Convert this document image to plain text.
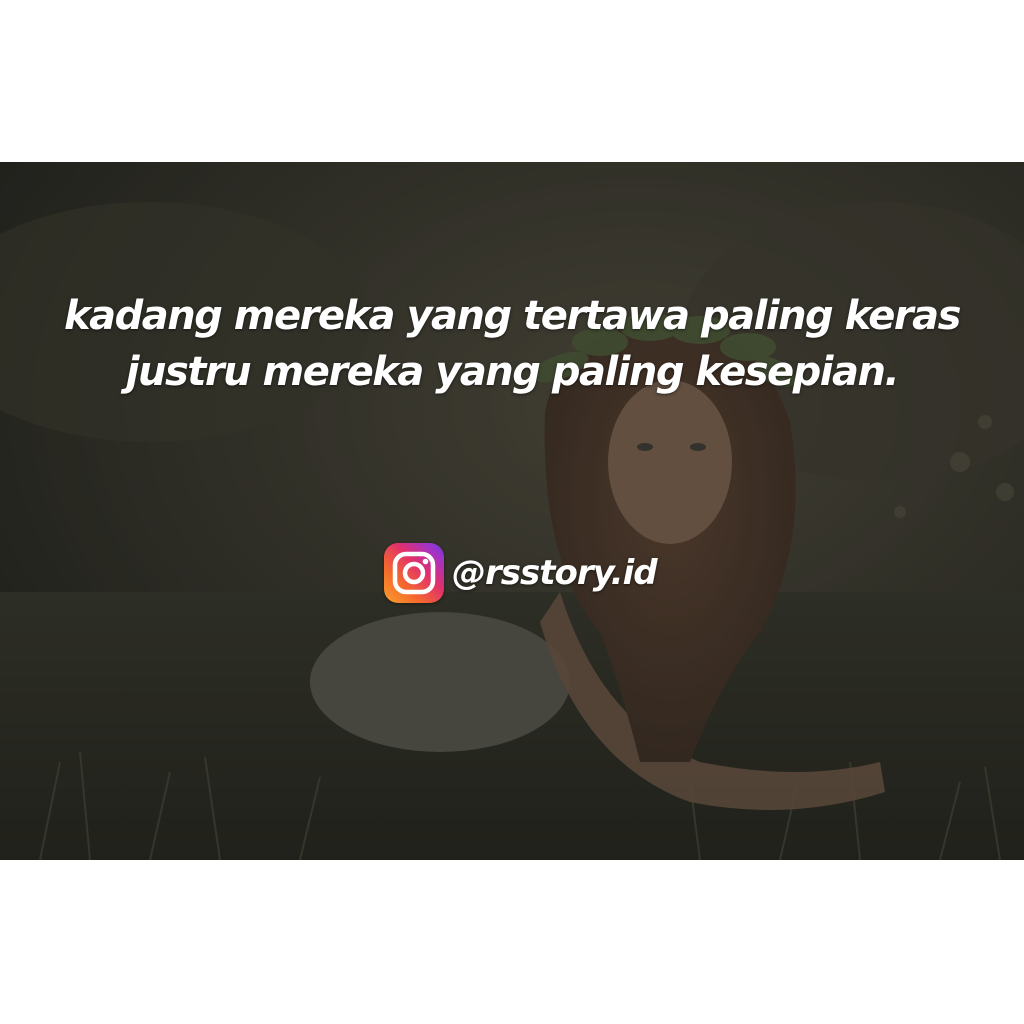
kadang mereka yang tertawa paling keras
justru mereka yang paling kesepian.
@rsstory.id
